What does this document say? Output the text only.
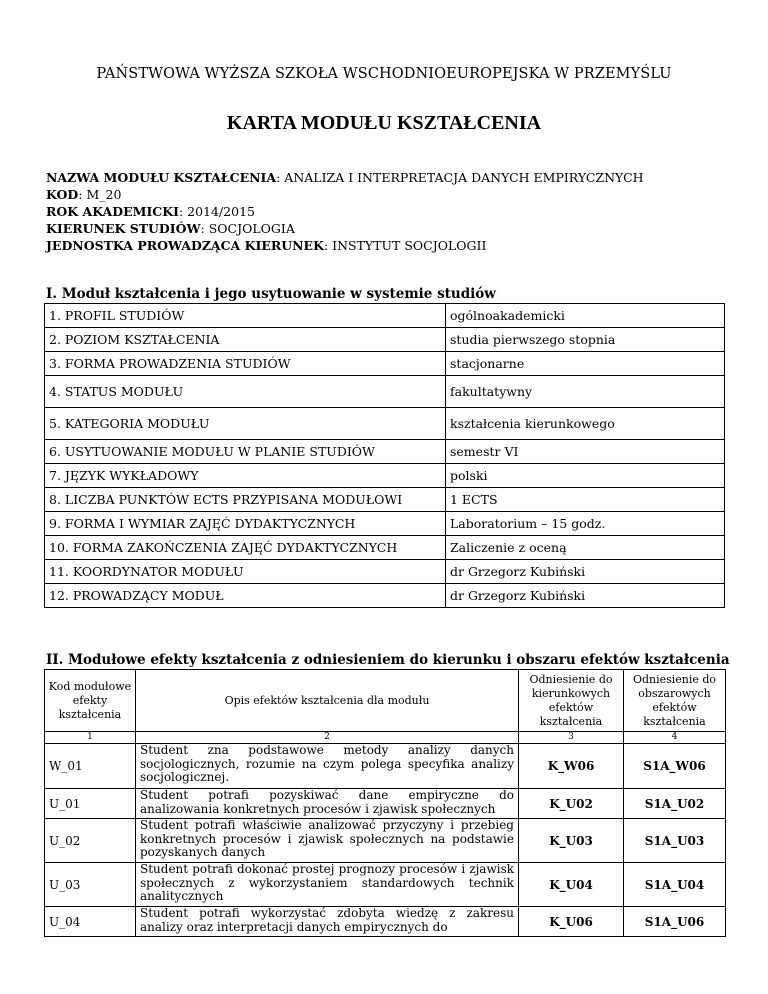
PAŃSTWOWA WYŻSZA SZKOŁA WSCHODNIOEUROPEJSKA W PRZEMYŚLU
KARTA MODUŁU KSZTAŁCENIA
NAZWA MODUŁU KSZTAŁCENIA: ANALIZA I INTERPRETACJA DANYCH EMPIRYCZNYCH
KOD: M_20
ROK AKADEMICKI: 2014/2015
KIERUNEK STUDIÓW: SOCJOLOGIA
JEDNOSTKA PROWADZĄCA KIERUNEK: INSTYTUT SOCJOLOGII
I. Moduł kształcenia i jego usytuowanie w systemie studiów
1. PROFIL STUDIÓW	ogólnoakademicki
2. POZIOM KSZTAŁCENIA	studia pierwszego stopnia
3. FORMA PROWADZENIA STUDIÓW	stacjonarne
4. STATUS MODUŁU	fakultatywny
5. KATEGORIA MODUŁU	kształcenia kierunkowego
6. USYTUOWANIE MODUŁU W PLANIE STUDIÓW	semestr VI
7. JĘZYK WYKŁADOWY	polski
8. LICZBA PUNKTÓW ECTS PRZYPISANA MODUŁOWI	1 ECTS
9. FORMA I WYMIAR ZAJĘĆ DYDAKTYCZNYCH	Laboratorium – 15 godz.
10. FORMA ZAKOŃCZENIA ZAJĘĆ DYDAKTYCZNYCH	Zaliczenie z oceną
11. KOORDYNATOR MODUŁU	dr Grzegorz Kubiński
12. PROWADZĄCY MODUŁ	dr Grzegorz Kubiński
II. Modułowe efekty kształcenia z odniesieniem do kierunku i obszaru efektów kształcenia
Kod modułowe efekty kształcenia	Opis efektów kształcenia dla modułu	Odniesienie do kierunkowych efektów kształcenia	Odniesienie do obszarowych efektów kształcenia
1	2	3	4
W_01	Student zna podstawowe metody analizy danych socjologicznych, rozumie na czym polega specyfika analizy socjologicznej.	K_W06	S1A_W06
U_01	Student potrafi pozyskiwać dane empiryczne do analizowania konkretnych procesów i zjawisk społecznych	K_U02	S1A_U02
U_02	Student potrafi właściwie analizować przyczyny i przebieg konkretnych procesów i zjawisk społecznych na podstawie pozyskanych danych	K_U03	S1A_U03
U_03	Student potrafi dokonać prostej prognozy procesów i zjawisk społecznych z wykorzystaniem standardowych technik analitycznych	K_U04	S1A_U04
U_04	Student potrafi wykorzystać zdobyta wiedzę z zakresu analizy oraz interpretacji danych empirycznych do	K_U06	S1A_U06
